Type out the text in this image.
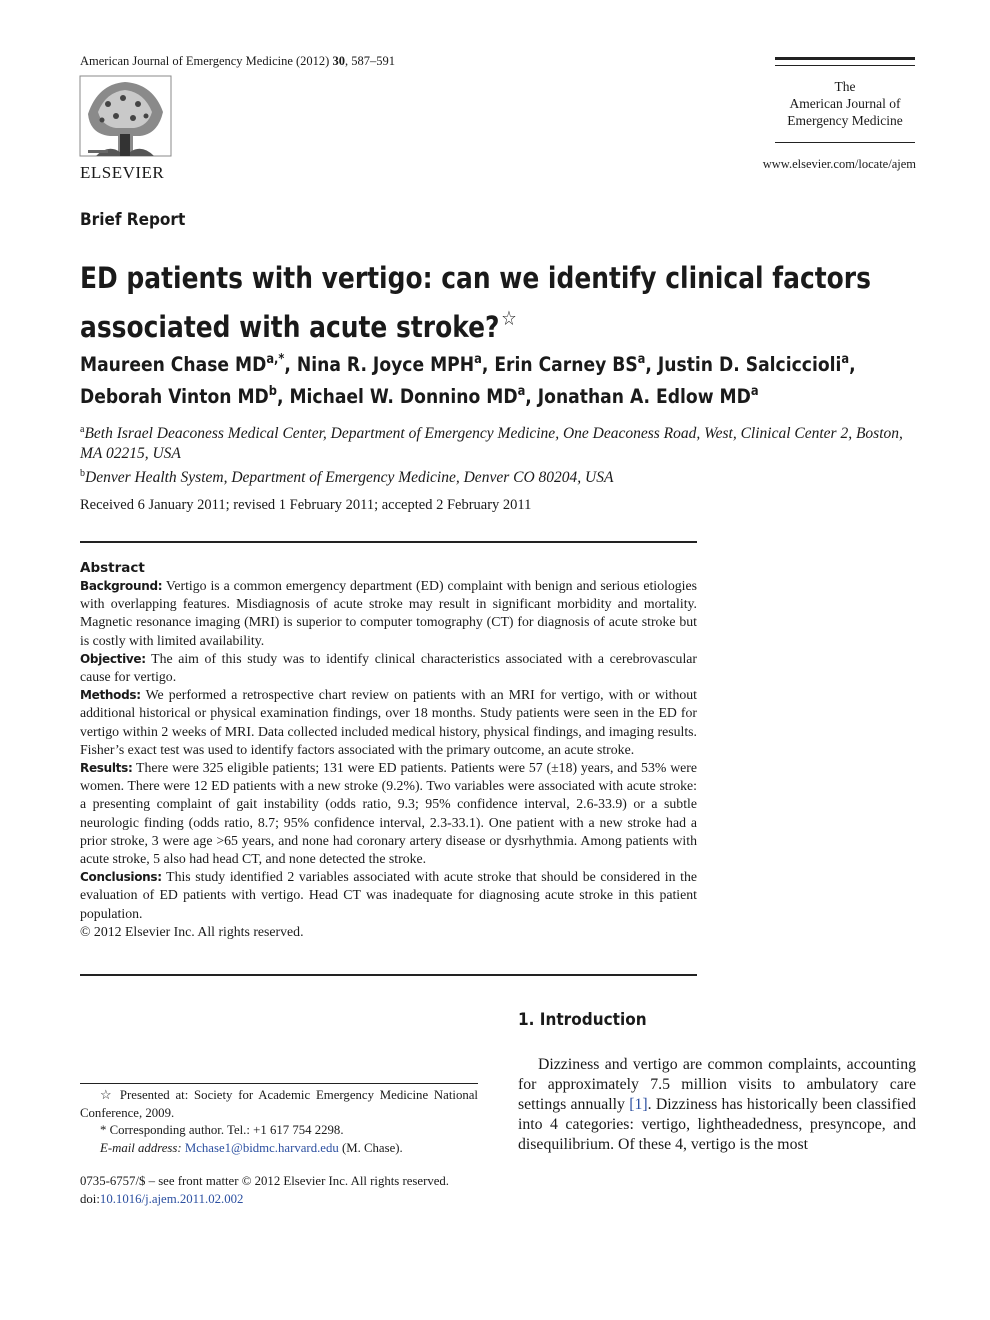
American Journal of Emergency Medicine (2012) 30, 587–591
ELSEVIER
The
American Journal of
Emergency Medicine
www.elsevier.com/locate/ajem
Brief Report
ED patients with vertigo: can we identify clinical factors
associated with acute stroke?☆
Maureen Chase $MD^{a,*}$, Nina R. Joyce MPH$^a$, Erin Carney $BS^a$, Justin D. Salciccioli$^a$,
Deborah Vinton $MD^b$, Michael W. Donnino $MD^a$, Jonathan A. Edlow $MD^a$
$^a$Beth Israel Deaconess Medical Center, Department of Emergency Medicine, One Deaconess Road, West, Clinical Center 2, Boston, MA 02215, USA
$^b$Denver Health System, Department of Emergency Medicine, Denver CO 80204, USA
Received 6 January 2011; revised 1 February 2011; accepted 2 February 2011
Abstract

Background: Vertigo is a common emergency department (ED) complaint with benign and serious etiologies with overlapping features. Misdiagnosis of acute stroke may result in significant morbidity and mortality. Magnetic resonance imaging (MRI) is superior to computer tomography (CT) for diagnosis of acute stroke but is costly with limited availability.

Objective: The aim of this study was to identify clinical characteristics associated with a cerebrovascular cause for vertigo.

Methods: We performed a retrospective chart review on patients with an MRI for vertigo, with or without additional historical or physical examination findings, over 18 months. Study patients were seen in the ED for vertigo within 2 weeks of MRI. Data collected included medical history, physical findings, and imaging results. Fisher’s exact test was used to identify factors associated with the primary outcome, an acute stroke.

Results: There were 325 eligible patients; 131 were ED patients. Patients were 57 (±18) years, and 53% were women. There were 12 ED patients with a new stroke (9.2%). Two variables were associated with acute stroke: a presenting complaint of gait instability (odds ratio, 9.3; 95% confidence interval, 2.6-33.9) or a subtle neurologic finding (odds ratio, 8.7; 95% confidence interval, 2.3-33.1). One patient with a new stroke had a prior stroke, 3 were age >65 years, and none had coronary artery disease or dysrhythmia. Among patients with acute stroke, 5 also had head CT, and none detected the stroke.

Conclusions: This study identified 2 variables associated with acute stroke that should be considered in the evaluation of ED patients with vertigo. Head CT was inadequate for diagnosing acute stroke in this patient population.

© 2012 Elsevier Inc. All rights reserved.

1. Introduction
Dizziness and vertigo are common complaints, accounting for approximately 7.5 million visits to ambulatory care settings annually [1]. Dizziness has historically been classified into 4 categories: vertigo, lightheadedness, presyncope, and disequilibrium. Of these 4, vertigo is the most
☆ Presented at: Society for Academic Emergency Medicine National Conference, 2009.
* Corresponding author. Tel.: +1 617 754 2298.
E-mail address: Mchase1@bidmc.harvard.edu (M. Chase).
0735-6757/$ – see front matter © 2012 Elsevier Inc. All rights reserved.
doi:10.1016/j.ajem.2011.02.002
